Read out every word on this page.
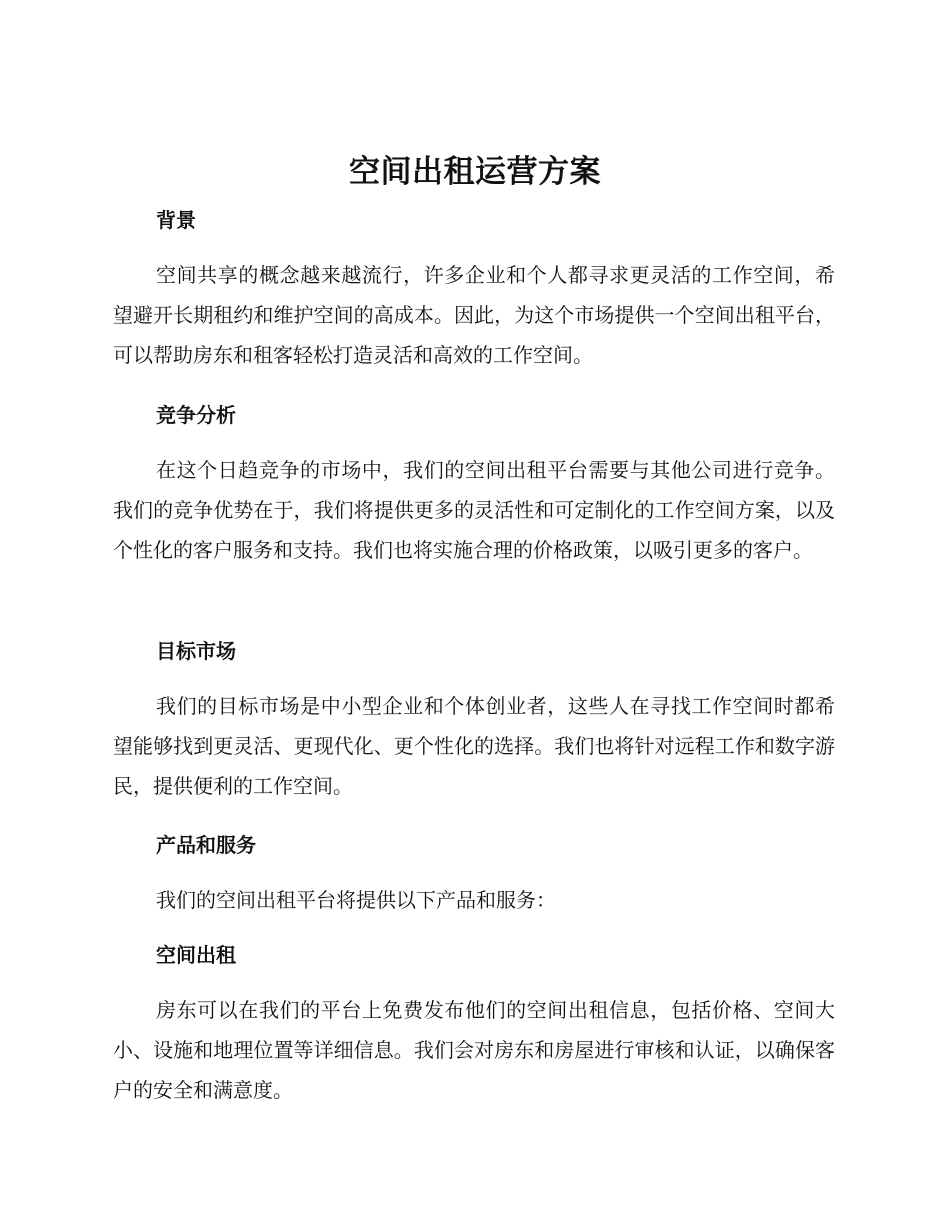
空间出租运营方案
背景

空间共享的概念越来越流行，许多企业和个人都寻求更灵活的工作空间，希望避开长期租约和维护空间的高成本。因此，为这个市场提供一个空间出租平台，可以帮助房东和租客轻松打造灵活和高效的工作空间。

竞争分析

在这个日趋竞争的市场中，我们的空间出租平台需要与其他公司进行竞争。我们的竞争优势在于，我们将提供更多的灵活性和可定制化的工作空间方案，以及个性化的客户服务和支持。我们也将实施合理的价格政策，以吸引更多的客户。

目标市场

我们的目标市场是中小型企业和个体创业者，这些人在寻找工作空间时都希望能够找到更灵活、更现代化、更个性化的选择。我们也将针对远程工作和数字游民，提供便利的工作空间。

产品和服务

我们的空间出租平台将提供以下产品和服务：

空间出租

房东可以在我们的平台上免费发布他们的空间出租信息，包括价格、空间大小、设施和地理位置等详细信息。我们会对房东和房屋进行审核和认证，以确保客户的安全和满意度。
